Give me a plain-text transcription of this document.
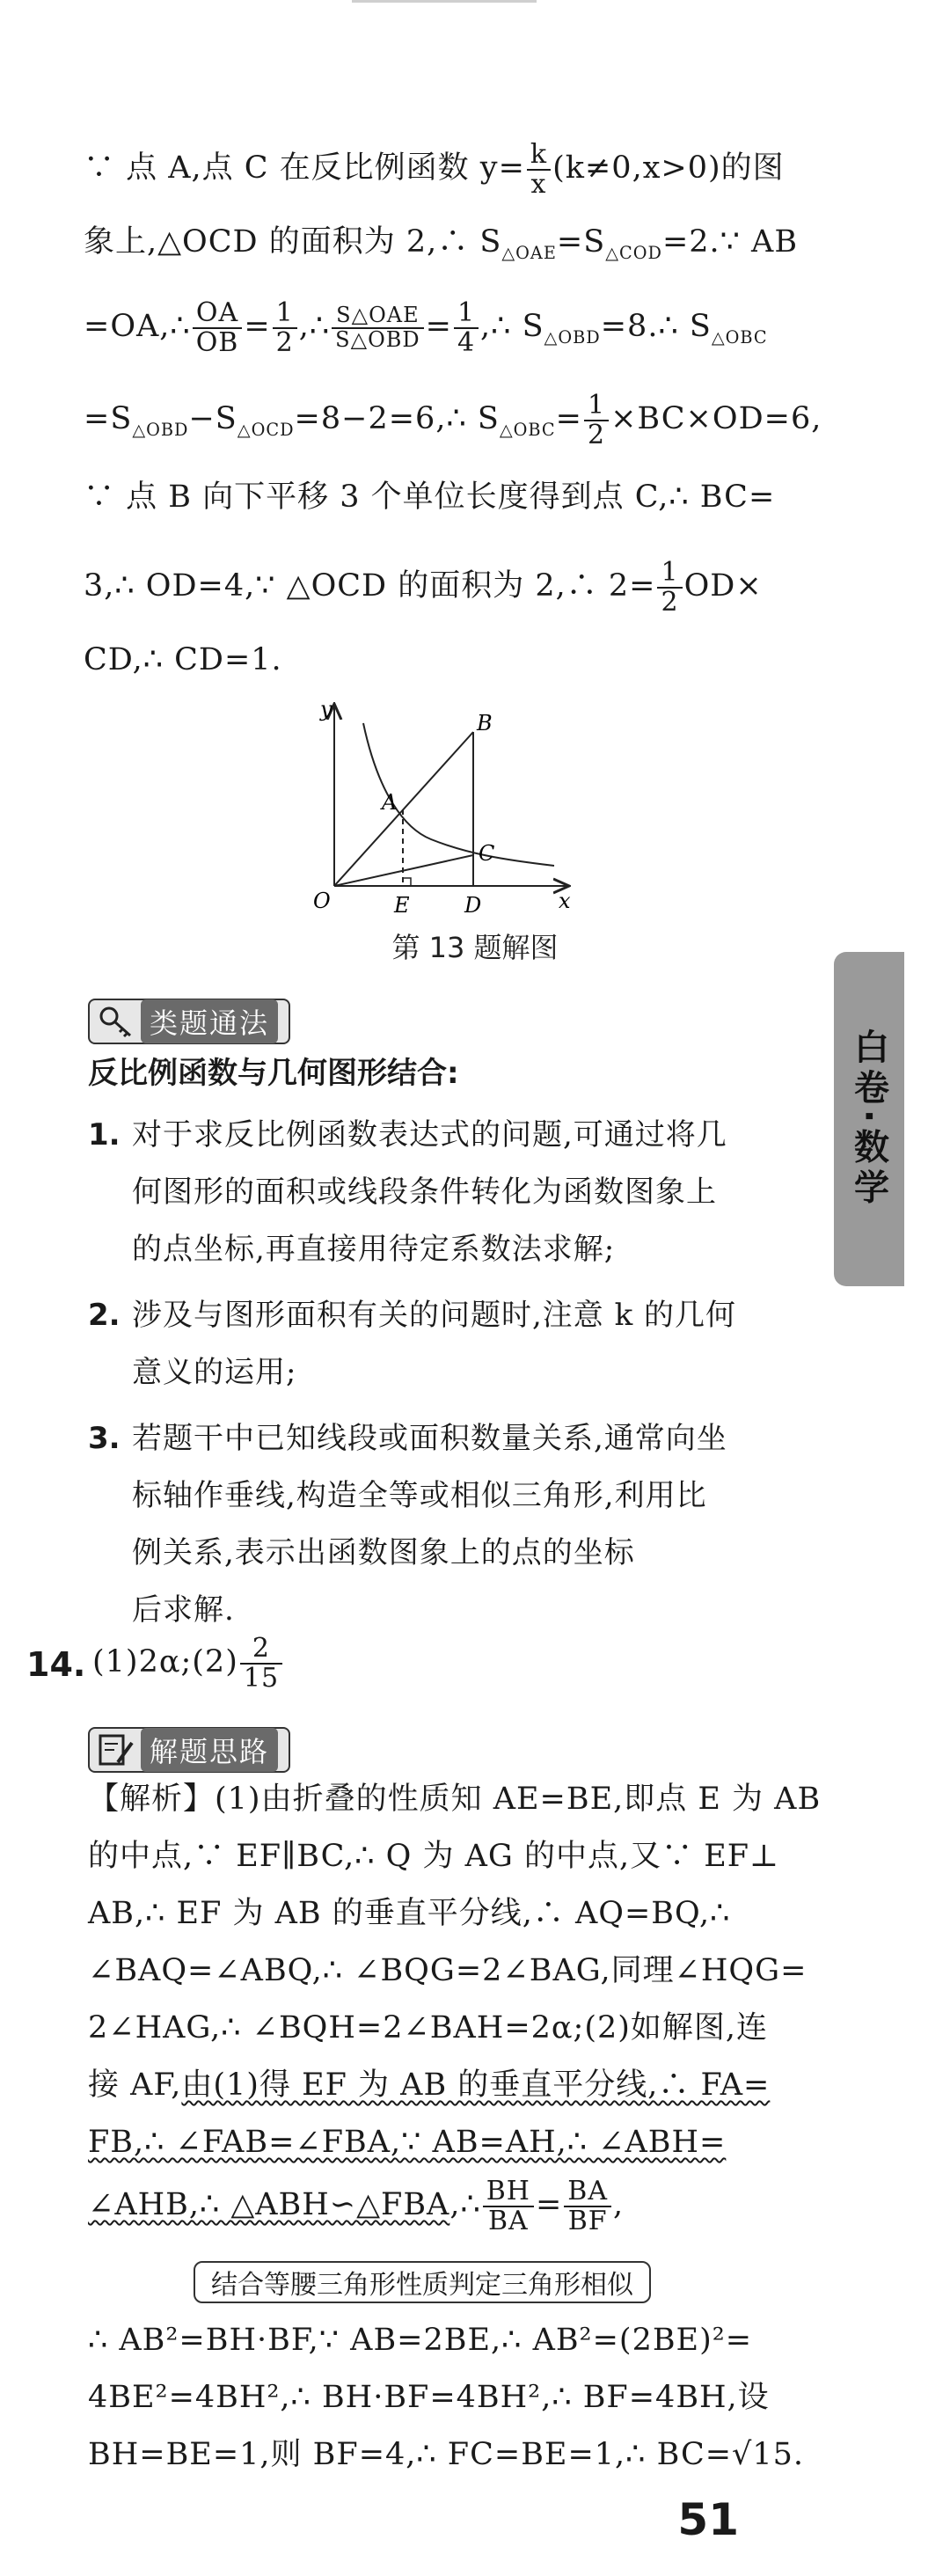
∵ 点 A,点 C 在反比例函数 $y= \frac{k}{x} (k\ne 0,x>0)$的图
象上,△OCD 的面积为 2,∴ $S_{\triangle OAE}=S_{\triangle COD}=2.\because$ AB
=OA,∴ $\frac{OA}{OB} = \frac{1}{2}$ ,∴ $\frac{\text{S△OAE}}{\text{S△OBD}} = \frac{1}{4}$ ,∴ $S_{\triangle OBD}=8.\therefore$ $S_{\triangle OBC}$
$=S_{\triangle OBD}-S_{\triangle OCD}=8-2=6,\therefore$ $S_{\triangle OBC}= \frac{1}{2} \times BC\times OD=6$,
∵ 点 B 向下平移 3 个单位长度得到点 C,∴ BC=
3,∴ OD=4,∵ △OCD 的面积为 2,∴ $2= \frac{1}{2} OD\times$
CD,∴ CD=1.
y
x
O
A
B
C
D
E
第 13 题解图
白卷·数学
类题通法
反比例函数与几何图形结合:
1. 对于求反比例函数表达式的问题,可通过将几
何图形的面积或线段条件转化为函数图象上
的点坐标,再直接用待定系数法求解;
2. 涉及与图形面积有关的问题时,注意 k 的几何
意义的运用;
3. 若题干中已知线段或面积数量关系,通常向坐
标轴作垂线,构造全等或相似三角形,利用比
例关系,表示出函数图象上的点的坐标
后求解.
14. (1)2α;(2) $\frac{2}{15}$
解题思路
【解析】(1)由折叠的性质知 AE=BE,即点 E 为 AB
的中点,∵ EF∥BC,∴ Q 为 AG 的中点,又∵ EF⊥
AB,∴ EF 为 AB 的垂直平分线,∴ AQ=BQ,∴
∠BAQ=∠ABQ,∴ ∠BQG=2∠BAG,同理∠HQG=
2∠HAG,∴ ∠BQH=2∠BAH=2α;(2)如解图,连
接 AF,由(1)得 EF 为 AB 的垂直平分线,∴ FA=
FB,∴ ∠FAB=∠FBA,∵ AB=AH,∴ ∠ABH=
∠AHB,∴ △ABH∽△FBA,∴ $\frac{BH}{BA} = \frac{BA}{BF}$ ,
结合等腰三角形性质判定三角形相似
∴ AB²=BH·BF,∵ AB=2BE,∴ AB²=(2BE)²=
4BE²=4BH²,∴ BH·BF=4BH²,∴ BF=4BH,设
BH=BE=1,则 BF=4,∴ FC=BE=1,∴ BC=√15.
51
